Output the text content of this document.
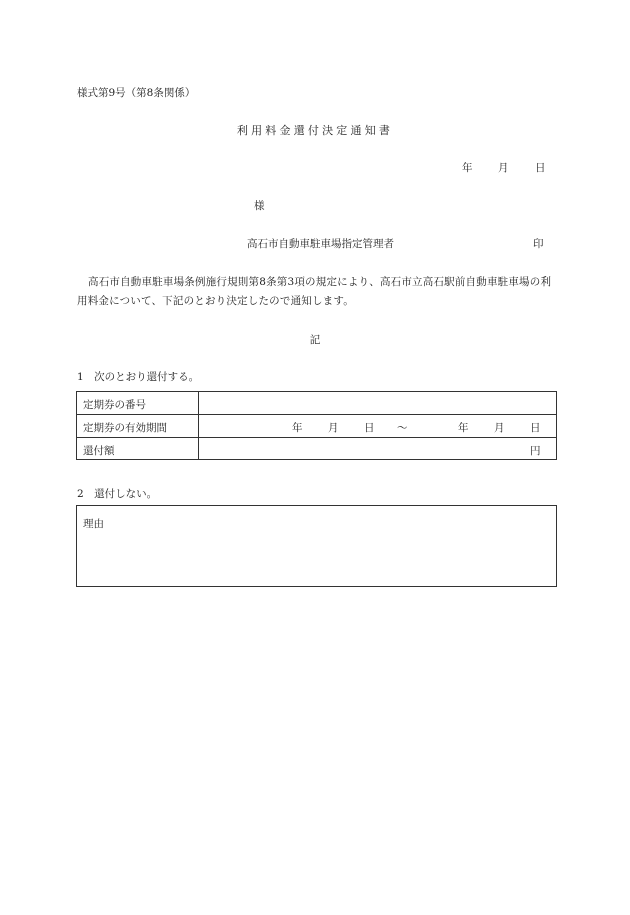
様式第9号（第8条関係）
利用料金還付決定通知書
年 月	日
様
高石市自動車駐車場指定管理者	印
高石市自動車駐車場条例施行規則第8条第3項の規定により、高石市立高石駅前自動車駐車場の利用料金について、下記のとおり決定したので通知します。
記
1　次のとおり還付する。
定期券の番号
定期券の有効期間	年 月 日 ～	年 月 日
還付額	円
2　還付しない。
理由
